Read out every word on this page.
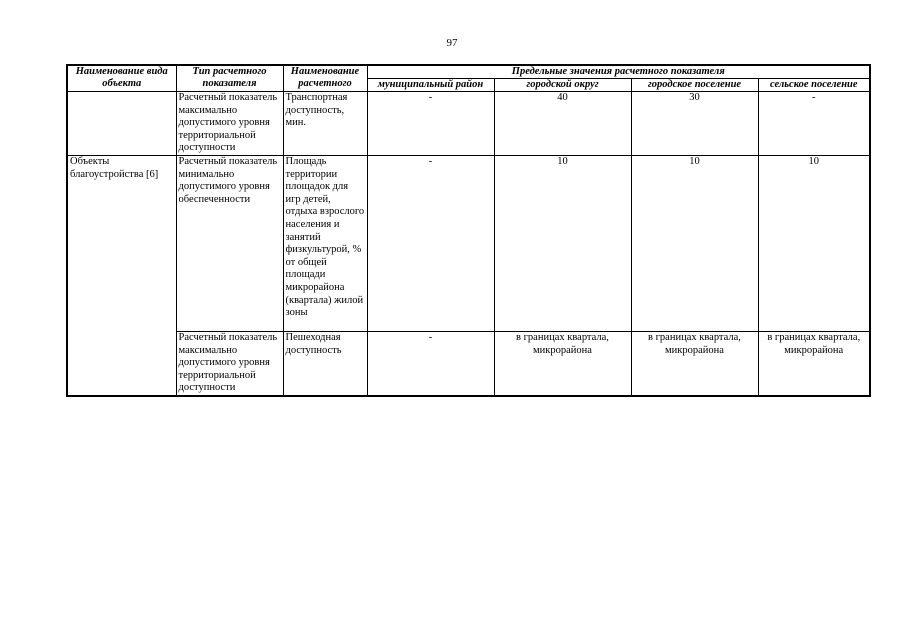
97
Наименование вида объекта	Тип расчетного показателя	Наименование расчетного	Предельные значения расчетного показателя			
			муниципальный район	городской округ	городское поселение	сельское поселение
	Расчетный показатель максимально допустимого уровня территориальной доступности	Транспортная доступность, мин.	-	40	30	-
Объекты благоустройства [6]	Расчетный показатель минимально допустимого уровня обеспеченности	Площадь территории площадок для игр детей, отдыха взрослого населения и занятий физкультурой, % от общей площади микрорайона (квартала) жилой зоны	-	10	10	10
	Расчетный показатель максимально допустимого уровня территориальной доступности	Пешеходная доступность	-	в границах квартала, микрорайона	в границах квартала, микрорайона	в границах квартала, микрорайона
